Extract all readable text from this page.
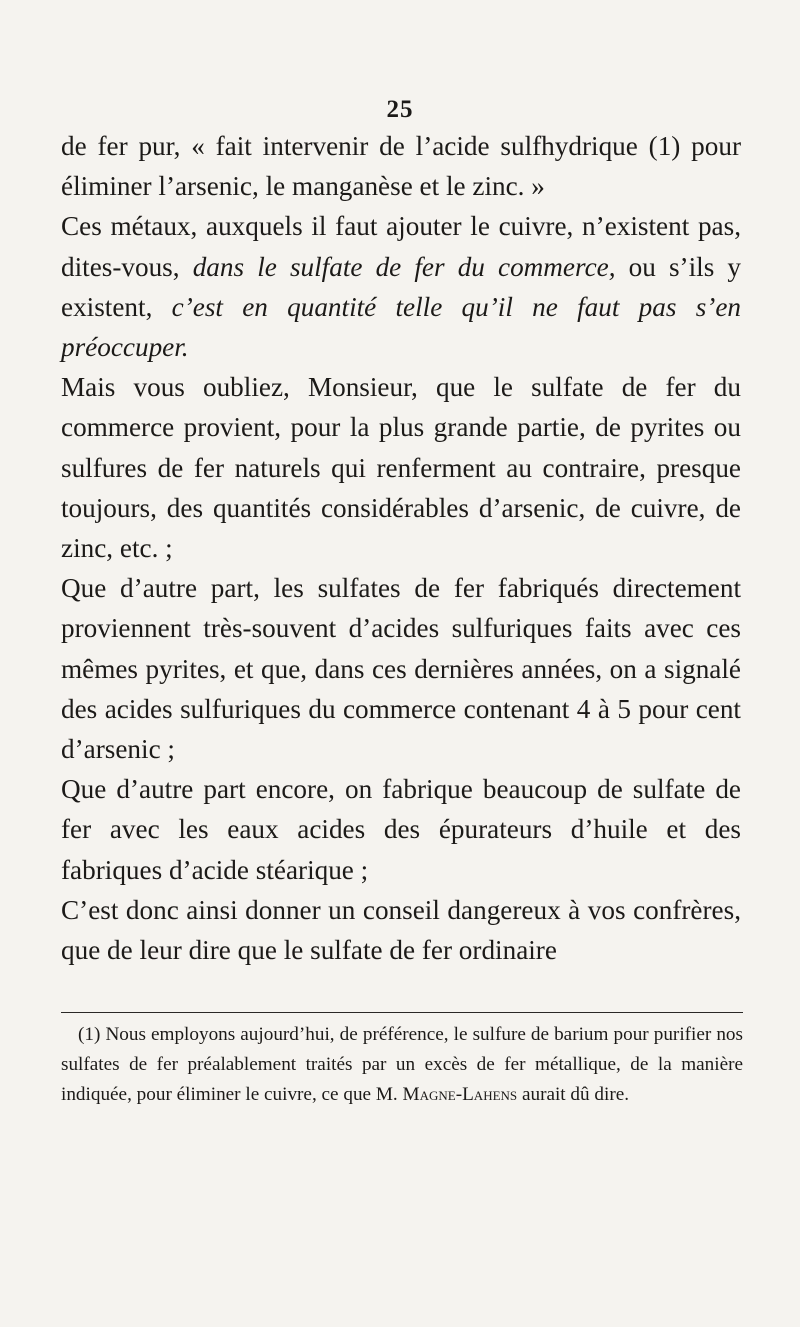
25

de fer pur, « fait intervenir de l’acide sulfhydrique (1) pour éliminer l’arsenic, le manganèse et le zinc. »

Ces métaux, auxquels il faut ajouter le cuivre, n’existent pas, dites-vous, dans le sulfate de fer du commerce, ou s’ils y existent, c’est en quantité telle qu’il ne faut pas s’en préoccuper.

Mais vous oubliez, Monsieur, que le sulfate de fer du commerce provient, pour la plus grande partie, de pyrites ou sulfures de fer naturels qui renferment au contraire, presque toujours, des quantités considérables d’arsenic, de cuivre, de zinc, etc. ;

Que d’autre part, les sulfates de fer fabriqués directement proviennent très-souvent d’acides sulfuriques faits avec ces mêmes pyrites, et que, dans ces dernières années, on a signalé des acides sulfuriques du commerce contenant 4 à 5 pour cent d’arsenic ;

Que d’autre part encore, on fabrique beaucoup de sulfate de fer avec les eaux acides des épurateurs d’huile et des fabriques d’acide stéarique ;

C’est donc ainsi donner un conseil dangereux à vos confrères, que de leur dire que le sulfate de fer ordinaire

(1) Nous employons aujourd’hui, de préférence, le sulfure de barium pour purifier nos sulfates de fer préalablement traités par un excès de fer métallique, de la manière indiquée, pour éliminer le cuivre, ce que M. Magne-Lahens aurait dû dire.
